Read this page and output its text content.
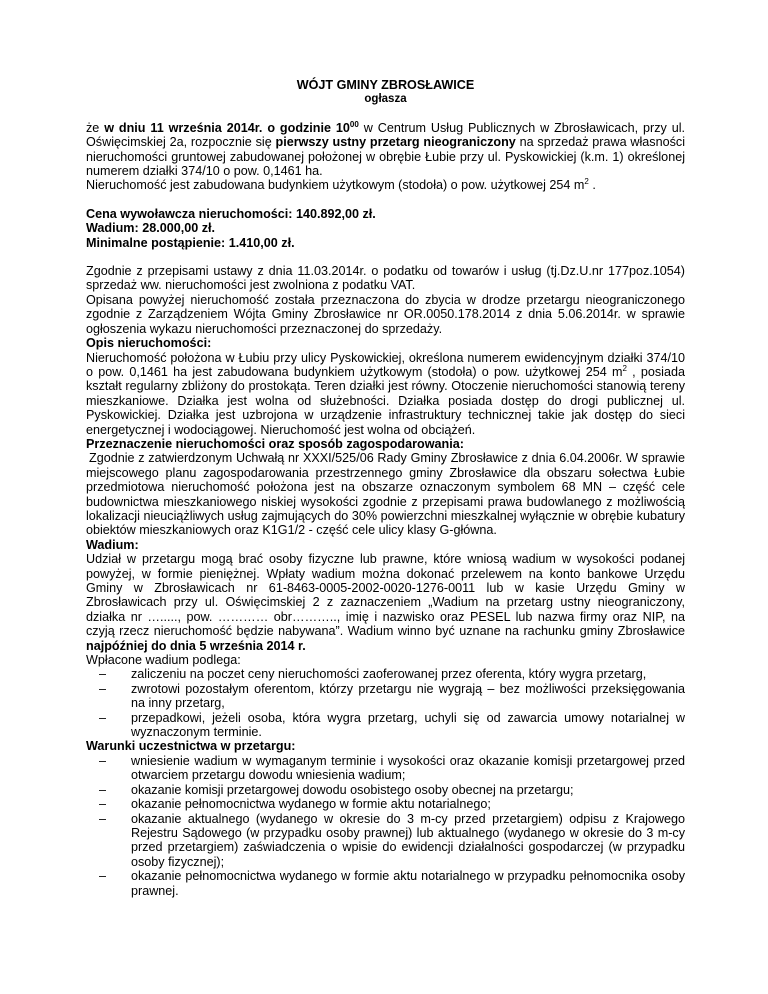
WÓJT GMINY ZBROSŁAWICE
ogłasza

że w dniu 11 września 2014r. o godzinie $10^{00}$ w Centrum Usług Publicznych w Zbrosławicach, przy ul. Oświęcimskiej 2a, rozpocznie się pierwszy ustny przetarg nieograniczony na sprzedaż prawa własności nieruchomości gruntowej zabudowanej położonej w obrębie Łubie przy ul. Pyskowickiej (k.m. 1) określonej numerem działki 374/10 o pow. 0,1461 ha.

Nieruchomość jest zabudowana budynkiem użytkowym (stodoła) o pow. użytkowej 254 $m^2$ .

Cena wywoławcza nieruchomości: 140.892,00 zł.

Wadium: 28.000,00 zł.

Minimalne postąpienie: 1.410,00 zł.

Zgodnie z przepisami ustawy z dnia 11.03.2014r. o podatku od towarów i usług (tj.Dz.U.nr 177poz.1054) sprzedaż ww. nieruchomości jest zwolniona z podatku VAT.

Opisana powyżej nieruchomość została przeznaczona do zbycia w drodze przetargu nieograniczonego zgodnie z Zarządzeniem Wójta Gminy Zbrosławice nr OR.0050.178.2014 z dnia 5.06.2014r. w sprawie ogłoszenia wykazu nieruchomości przeznaczonej do sprzedaży.

Opis nieruchomości:

Nieruchomość położona w Łubiu przy ulicy Pyskowickiej, określona numerem ewidencyjnym działki 374/10 o pow. 0,1461 ha jest zabudowana budynkiem użytkowym (stodoła) o pow. użytkowej 254 $m^2$ , posiada kształt regularny zbliżony do prostokąta. Teren działki jest równy. Otoczenie nieruchomości stanowią tereny mieszkaniowe. Działka jest wolna od służebności. Działka posiada dostęp do drogi publicznej ul. Pyskowickiej. Działka jest uzbrojona w urządzenie infrastruktury technicznej takie jak dostęp do sieci energetycznej i wodociągowej. Nieruchomość jest wolna od obciążeń.

Przeznaczenie nieruchomości oraz sposób zagospodarowania:

Zgodnie z zatwierdzonym Uchwałą nr XXXI/525/06 Rady Gminy Zbrosławice z dnia 6.04.2006r. W sprawie miejscowego planu zagospodarowania przestrzennego gminy Zbrosławice dla obszaru sołectwa Łubie przedmiotowa nieruchomość położona jest na obszarze oznaczonym symbolem 68 MN – część cele budownictwa mieszkaniowego niskiej wysokości zgodnie z przepisami prawa budowlanego z możliwością lokalizacji nieuciążliwych usług zajmujących do 30% powierzchni mieszkalnej wyłącznie w obrębie kubatury obiektów mieszkaniowych oraz K1G1/2 - część cele ulicy klasy G-główna.

Wadium:

Udział w przetargu mogą brać osoby fizyczne lub prawne, które wniosą wadium w wysokości podanej powyżej, w formie pieniężnej. Wpłaty wadium można dokonać przelewem na konto bankowe Urzędu Gminy w Zbrosławicach nr 61-8463-0005-2002-0020-1276-0011 lub w kasie Urzędu Gminy w Zbrosławicach przy ul. Oświęcimskiej 2 z zaznaczeniem „Wadium na przetarg ustny nieograniczony, działka nr …....., pow. ………… obr……….., imię i nazwisko oraz PESEL lub nazwa firmy oraz NIP, na czyją rzecz nieruchomość będzie nabywana”. Wadium winno być uznane na rachunku gminy Zbrosławice najpóźniej do dnia 5 września 2014 r.

Wpłacone wadium podlega:

– zaliczeniu na poczet ceny nieruchomości zaoferowanej przez oferenta, który wygra przetarg,
– zwrotowi pozostałym oferentom, którzy przetargu nie wygrają – bez możliwości przeksięgowania na inny przetarg,
– przepadkowi, jeżeli osoba, która wygra przetarg, uchyli się od zawarcia umowy notarialnej w wyznaczonym terminie.

Warunki uczestnictwa w przetargu:

– wniesienie wadium w wymaganym terminie i wysokości oraz okazanie komisji przetargowej przed otwarciem przetargu dowodu wniesienia wadium;
– okazanie komisji przetargowej dowodu osobistego osoby obecnej na przetargu;
– okazanie pełnomocnictwa wydanego w formie aktu notarialnego;
– okazanie aktualnego (wydanego w okresie do 3 m-cy przed przetargiem) odpisu z Krajowego Rejestru Sądowego (w przypadku osoby prawnej) lub aktualnego (wydanego w okresie do 3 m-cy przed przetargiem) zaświadczenia o wpisie do ewidencji działalności gospodarczej (w przypadku osoby fizycznej);
– okazanie pełnomocnictwa wydanego w formie aktu notarialnego w przypadku pełnomocnika osoby prawnej.
